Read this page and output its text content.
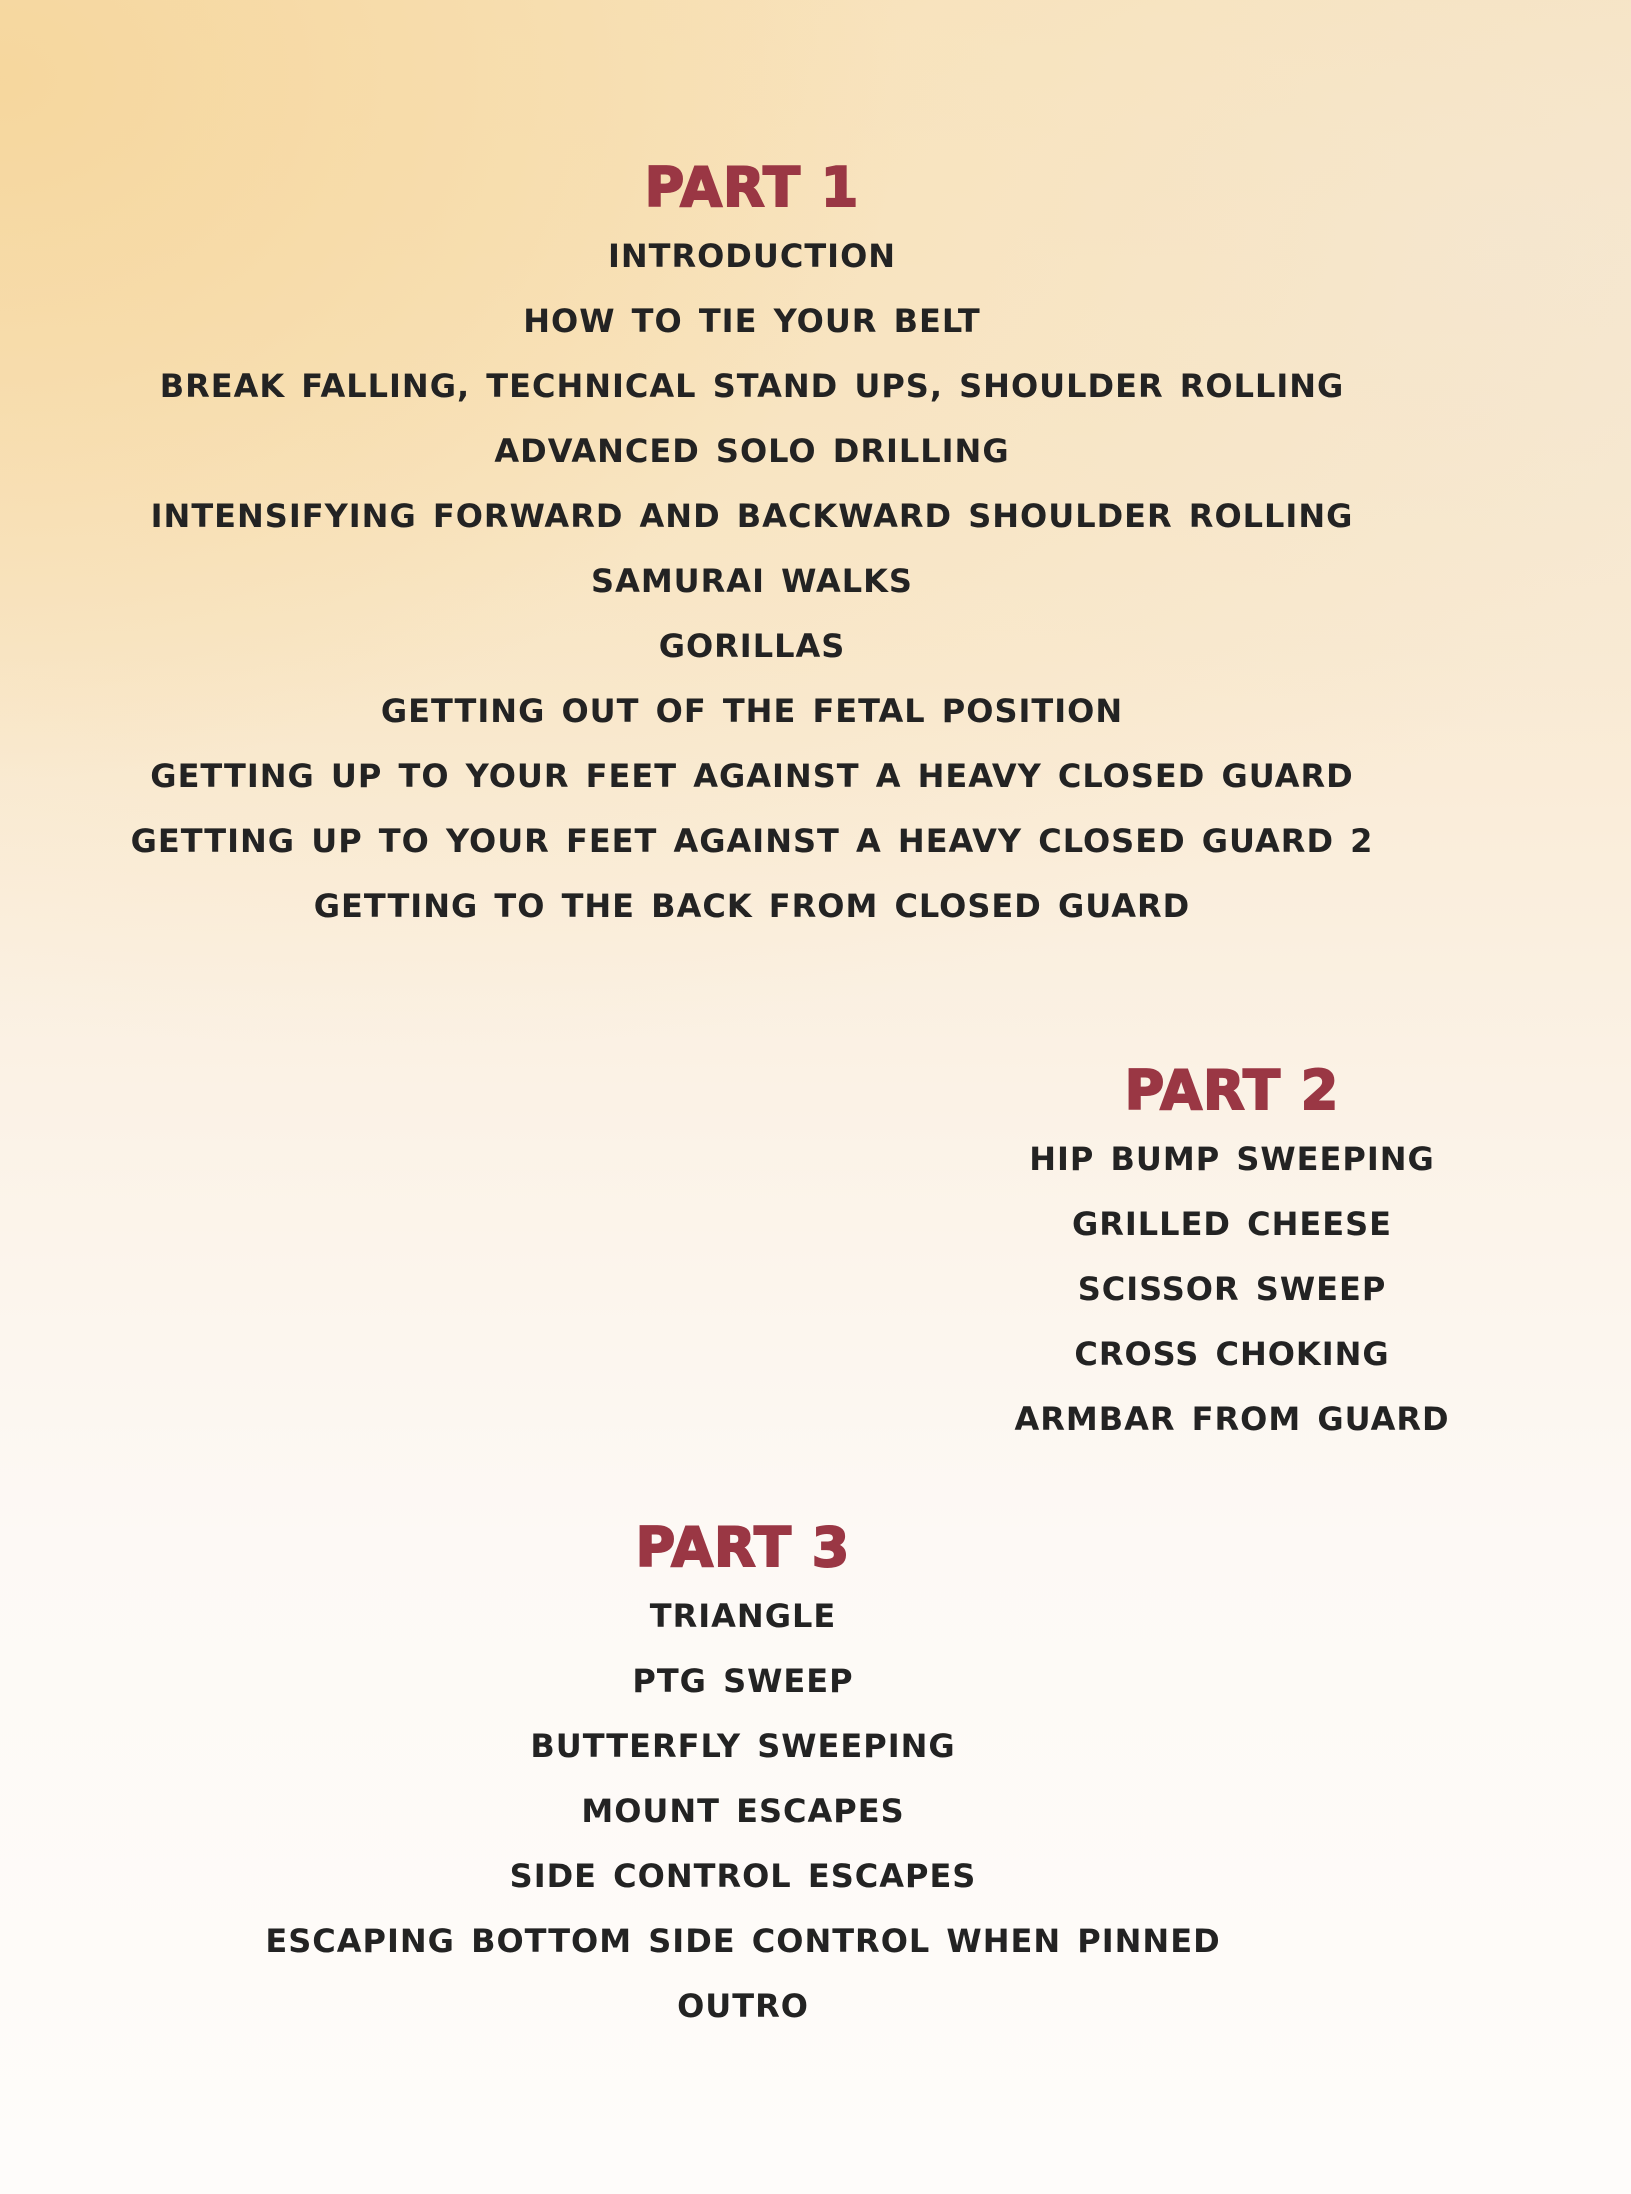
PART 1
INTRODUCTION
HOW TO TIE YOUR BELT
BREAK FALLING, TECHNICAL STAND UPS, SHOULDER ROLLING
ADVANCED SOLO DRILLING
INTENSIFYING FORWARD AND BACKWARD SHOULDER ROLLING
SAMURAI WALKS
GORILLAS
GETTING OUT OF THE FETAL POSITION
GETTING UP TO YOUR FEET AGAINST A HEAVY CLOSED GUARD
GETTING UP TO YOUR FEET AGAINST A HEAVY CLOSED GUARD 2
GETTING TO THE BACK FROM CLOSED GUARD
PART 2
HIP BUMP SWEEPING
GRILLED CHEESE
SCISSOR SWEEP
CROSS CHOKING
ARMBAR FROM GUARD
PART 3
TRIANGLE
PTG SWEEP
BUTTERFLY SWEEPING
MOUNT ESCAPES
SIDE CONTROL ESCAPES
ESCAPING BOTTOM SIDE CONTROL WHEN PINNED
OUTRO
